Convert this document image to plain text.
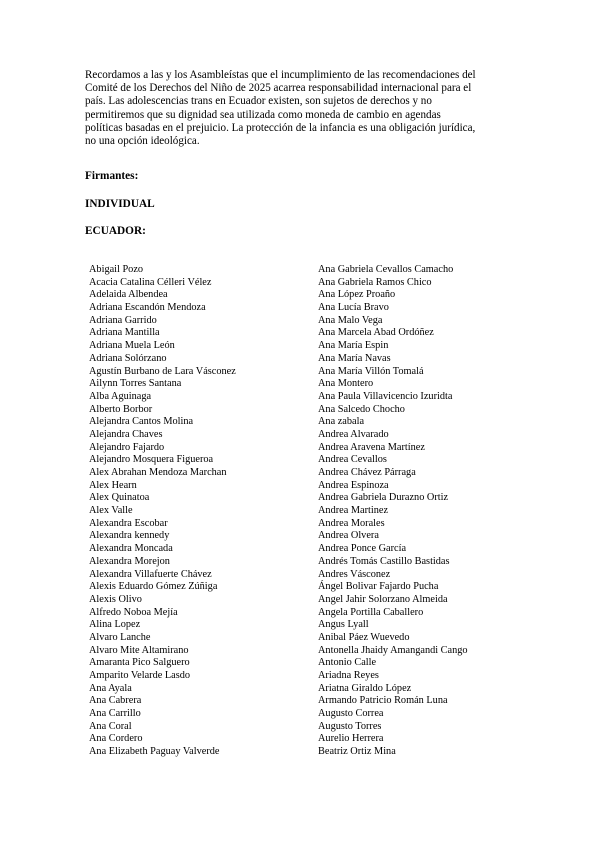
Recordamos a las y los Asambleístas que el incumplimiento de las recomendaciones del
Comité de los Derechos del Niño de 2025 acarrea responsabilidad internacional para el
país. Las adolescencias trans en Ecuador existen, son sujetos de derechos y no
permitiremos que su dignidad sea utilizada como moneda de cambio en agendas
políticas basadas en el prejuicio. La protección de la infancia es una obligación jurídica,
no una opción ideológica.

Firmantes:

INDIVIDUAL

ECUADOR:

Abigail Pozo
Acacia Catalina Célleri Vélez
Adelaida Albendea
Adriana Escandón Mendoza
Adriana Garrido
Adriana Mantilla
Adriana Muela León
Adriana Solórzano
Agustín Burbano de Lara Vásconez
Ailynn Torres Santana
Alba Aguinaga
Alberto Borbor
Alejandra Cantos Molina
Alejandra Chaves
Alejandro Fajardo
Alejandro Mosquera Figueroa
Alex Abrahan Mendoza Marchan
Alex Hearn
Alex Quinatoa
Alex Valle
Alexandra Escobar
Alexandra kennedy
Alexandra Moncada
Alexandra Morejon
Alexandra Villafuerte Chávez
Alexis Eduardo Gómez Zúñiga
Alexis Olivo
Alfredo Noboa Mejía
Alina Lopez
Alvaro Lanche
Alvaro Mite Altamirano
Amaranta Pico Salguero
Amparito Velarde Lasdo
Ana Ayala
Ana Cabrera
Ana Carrillo
Ana Coral
Ana Cordero
Ana Elizabeth Paguay Valverde
Ana Gabriela Cevallos Camacho
Ana Gabriela Ramos Chico
Ana López Proaño
Ana Lucía Bravo
Ana Malo Vega
Ana Marcela Abad Ordóñez
Ana María Espin
Ana María Navas
Ana María Villón Tomalá
Ana Montero
Ana Paula Villavicencio Izuridta
Ana Salcedo Chocho
Ana zabala
Andrea Alvarado
Andrea Aravena Martínez
Andrea Cevallos
Andrea Chávez Párraga
Andrea Espinoza
Andrea Gabriela Durazno Ortiz
Andrea Martinez
Andrea Morales
Andrea Olvera
Andrea Ponce García
Andrés Tomás Castillo Bastidas
Andres Vásconez
Ángel Bolivar Fajardo Pucha
Angel Jahir Solorzano Almeida
Angela Portilla Caballero
Angus Lyall
Anibal Páez Wuevedo
Antonella Jhaidy Amangandi Cango
Antonio Calle
Ariadna Reyes
Ariatna Giraldo López
Armando Patricio Román Luna
Augusto Correa
Augusto Torres
Aurelio Herrera
Beatriz Ortiz Mina
